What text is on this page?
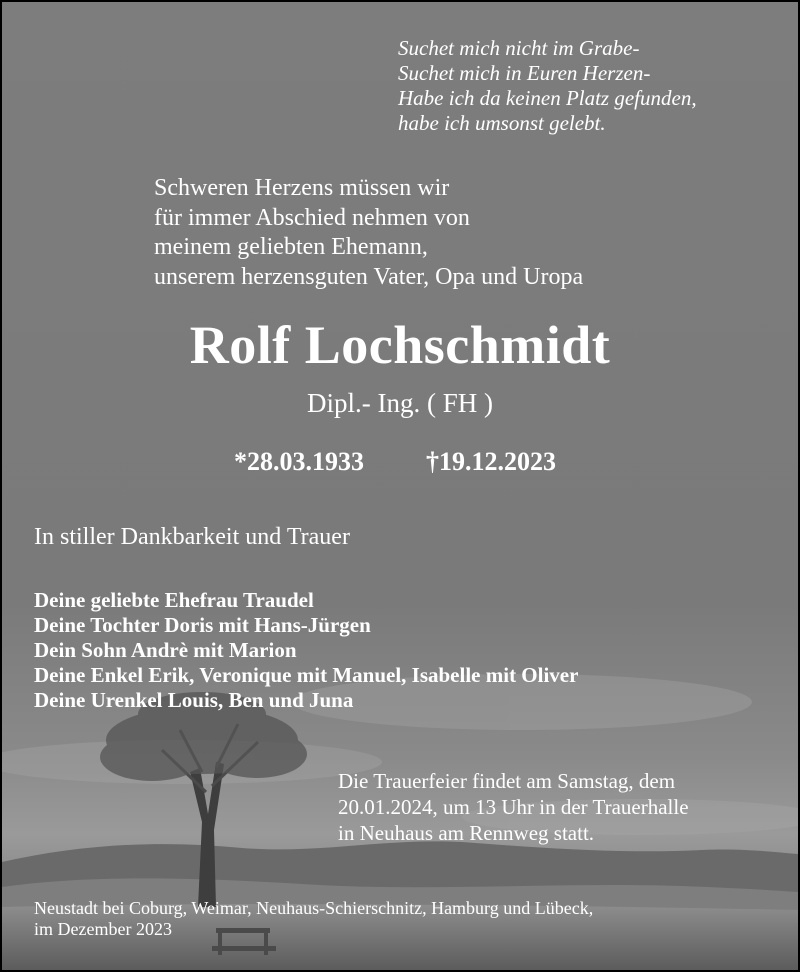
Suchet mich nicht im Grabe-
Suchet mich in Euren Herzen-
Habe ich da keinen Platz gefunden,
habe ich umsonst gelebt.
Schweren Herzens müssen wir
für immer Abschied nehmen von
meinem geliebten Ehemann,
unserem herzensguten Vater, Opa und Uropa
Rolf Lochschmidt
Dipl.- Ing. ( FH )
*28.03.1933 †19.12.2023
In stiller Dankbarkeit und Trauer
Deine geliebte Ehefrau Traudel
Deine Tochter Doris mit Hans-Jürgen
Dein Sohn Andrè mit Marion
Deine Enkel Erik, Veronique mit Manuel, Isabelle mit Oliver
Deine Urenkel Louis, Ben und Juna
Die Trauerfeier findet am Samstag, dem
20.01.2024, um 13 Uhr in der Trauerhalle
in Neuhaus am Rennweg statt.
Neustadt bei Coburg, Weimar, Neuhaus-Schierschnitz, Hamburg und Lübeck,
im Dezember 2023
